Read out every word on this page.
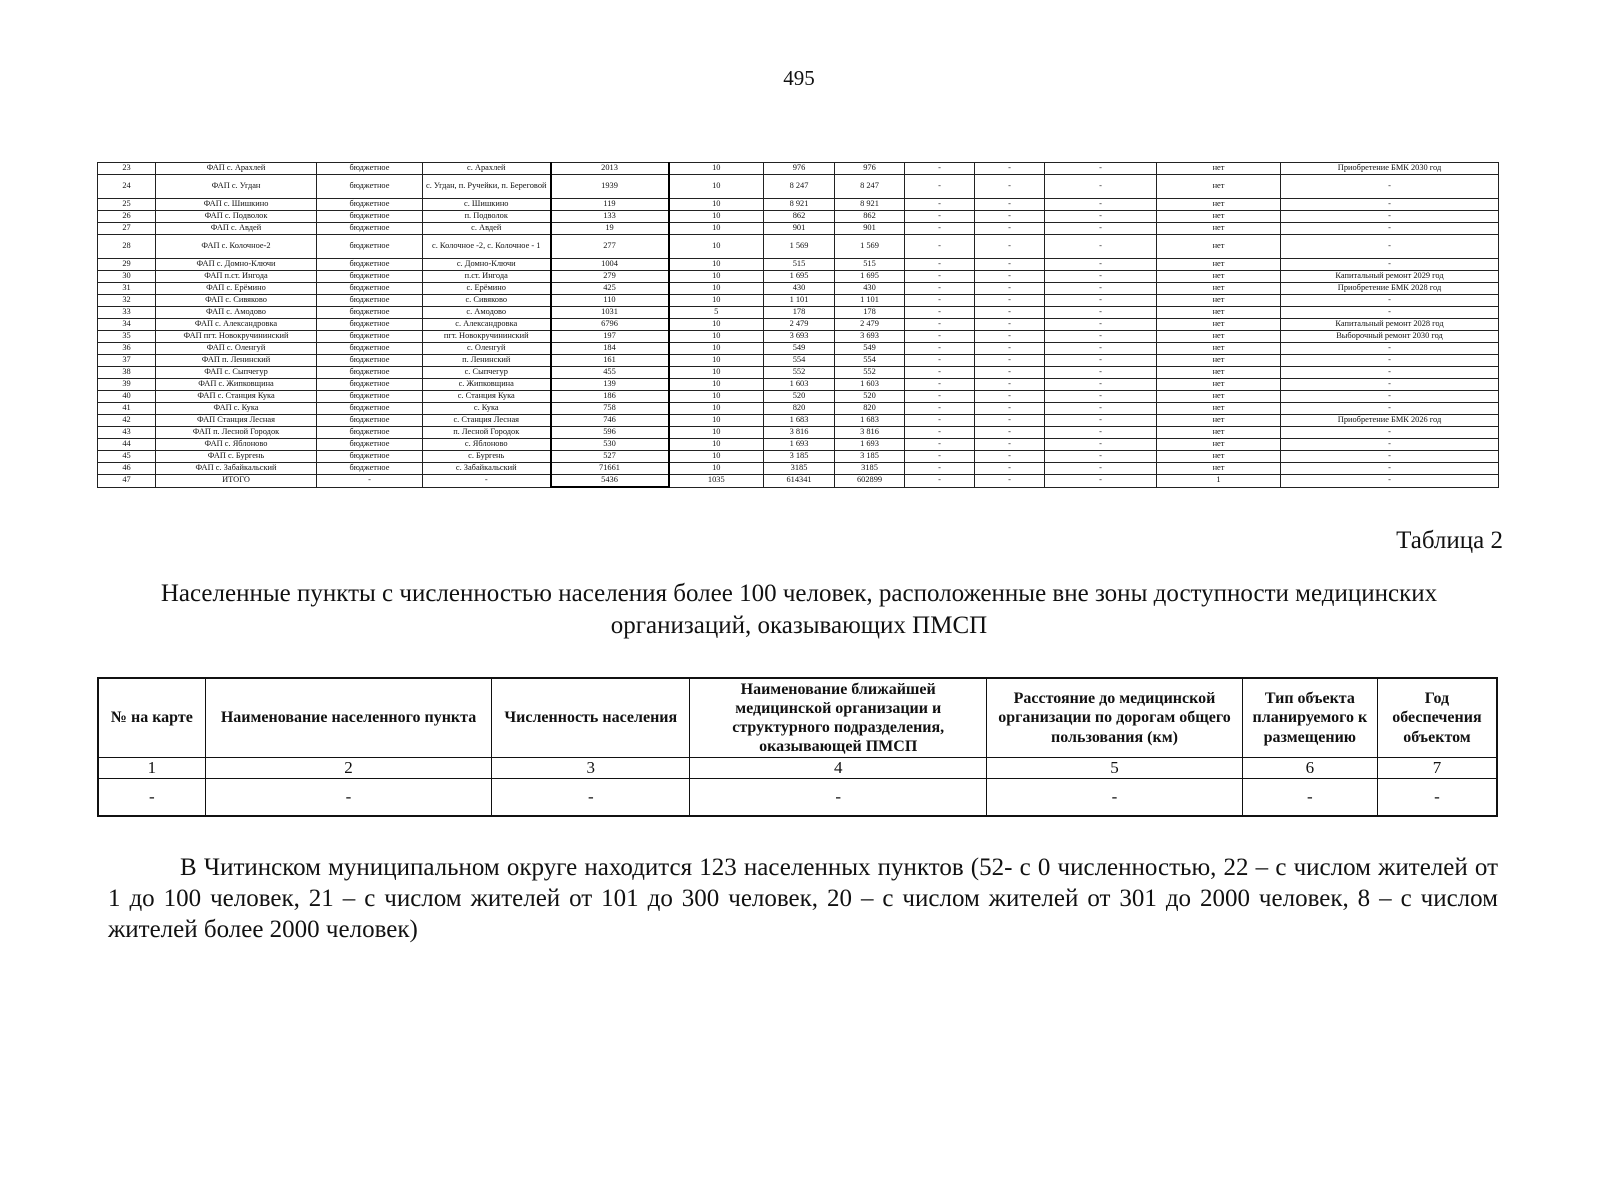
495
23	ФАП с. Арахлей	бюджетное	с. Арахлей	2013	10	976	976	-	-	-	нет	Приобретение БМК 2030 год
24	ФАП с. Угдан	бюджетное	с. Угдан, п. Ручейки, п. Береговой	1939	10	8 247	8 247	-	-	-	нет	-
25	ФАП с. Шишкино	бюджетное	с. Шишкино	119	10	8 921	8 921	-	-	-	нет	-
26	ФАП с. Подволок	бюджетное	п. Подволок	133	10	862	862	-	-	-	нет	-
27	ФАП с. Авдей	бюджетное	с. Авдей	19	10	901	901	-	-	-	нет	-
28	ФАП с. Колочное-2	бюджетное	с. Колочное -2, с. Колочное - 1	277	10	1 569	1 569	-	-	-	нет	-
29	ФАП с. Домно-Ключи	бюджетное	с. Домно-Ключи	1004	10	515	515	-	-	-	нет	-
30	ФАП п.ст. Ингода	бюджетное	п.ст. Ингода	279	10	1 695	1 695	-	-	-	нет	Капитальный ремонт 2029 год
31	ФАП с. Ерёмино	бюджетное	с. Ерёмино	425	10	430	430	-	-	-	нет	Приобретение БМК 2028 год
32	ФАП с. Сивяково	бюджетное	с. Сивяково	110	10	1 101	1 101	-	-	-	нет	-
33	ФАП с. Амодово	бюджетное	с. Амодово	1031	5	178	178	-	-	-	нет	-
34	ФАП с. Александровка	бюджетное	с. Александровка	6796	10	2 479	2 479	-	-	-	нет	Капитальный ремонт 2028 год
35	ФАП пгт. Новокручининский	бюджетное	пгт. Новокручининский	197	10	3 693	3 693	-	-	-	нет	Выборочный ремонт 2030 год
36	ФАП с. Оленгуй	бюджетное	с. Оленгуй	184	10	549	549	-	-	-	нет	-
37	ФАП п. Ленинский	бюджетное	п. Ленинский	161	10	554	554	-	-	-	нет	-
38	ФАП с. Сыпчегур	бюджетное	с. Сыпчегур	455	10	552	552	-	-	-	нет	-
39	ФАП с. Жипковщина	бюджетное	с. Жипковщина	139	10	1 603	1 603	-	-	-	нет	-
40	ФАП с. Станция Кука	бюджетное	с. Станция Кука	186	10	520	520	-	-	-	нет	-
41	ФАП с. Кука	бюджетное	с. Кука	758	10	820	820	-	-	-	нет	-
42	ФАП Станция Лесная	бюджетное	с. Станция Лесная	746	10	1 683	1 683	-	-	-	нет	Приобретение БМК 2026 год
43	ФАП п. Лесной Городок	бюджетное	п. Лесной Городок	596	10	3 816	3 816	-	-	-	нет	-
44	ФАП с. Яблоново	бюджетное	с. Яблоново	530	10	1 693	1 693	-	-	-	нет	-
45	ФАП с. Бургень	бюджетное	с. Бургень	527	10	3 185	3 185	-	-	-	нет	-
46	ФАП с. Забайкальский	бюджетное	с. Забайкальский	71661	10	3185	3185	-	-	-	нет	-
47	ИТОГО	-	-	5436	1035	614341	602899	-	-	-	1	-
Таблица 2
Населенные пункты с численностью населения более 100 человек, расположенные вне зоны доступности медицинских организаций, оказывающих ПМСП
№ на карте	Наименование населенного пункта	Численность населения	Наименование ближайшей медицинской организации и структурного подразделения, оказывающей ПМСП	Расстояние до медицинской организации по дорогам общего пользования (км)	Тип объекта планируемого к размещению	Год обеспечения объектом
1	2	3	4	5	6	7
-	-	-	-	-	-	-
В Читинском муниципальном округе находится 123 населенных пунктов (52- с 0 численностью, 22 – с числом жителей от 1 до 100 человек, 21 – с числом жителей от 101 до 300 человек, 20 – с числом жителей от 301 до 2000 человек, 8 – с числом жителей более 2000 человек)
